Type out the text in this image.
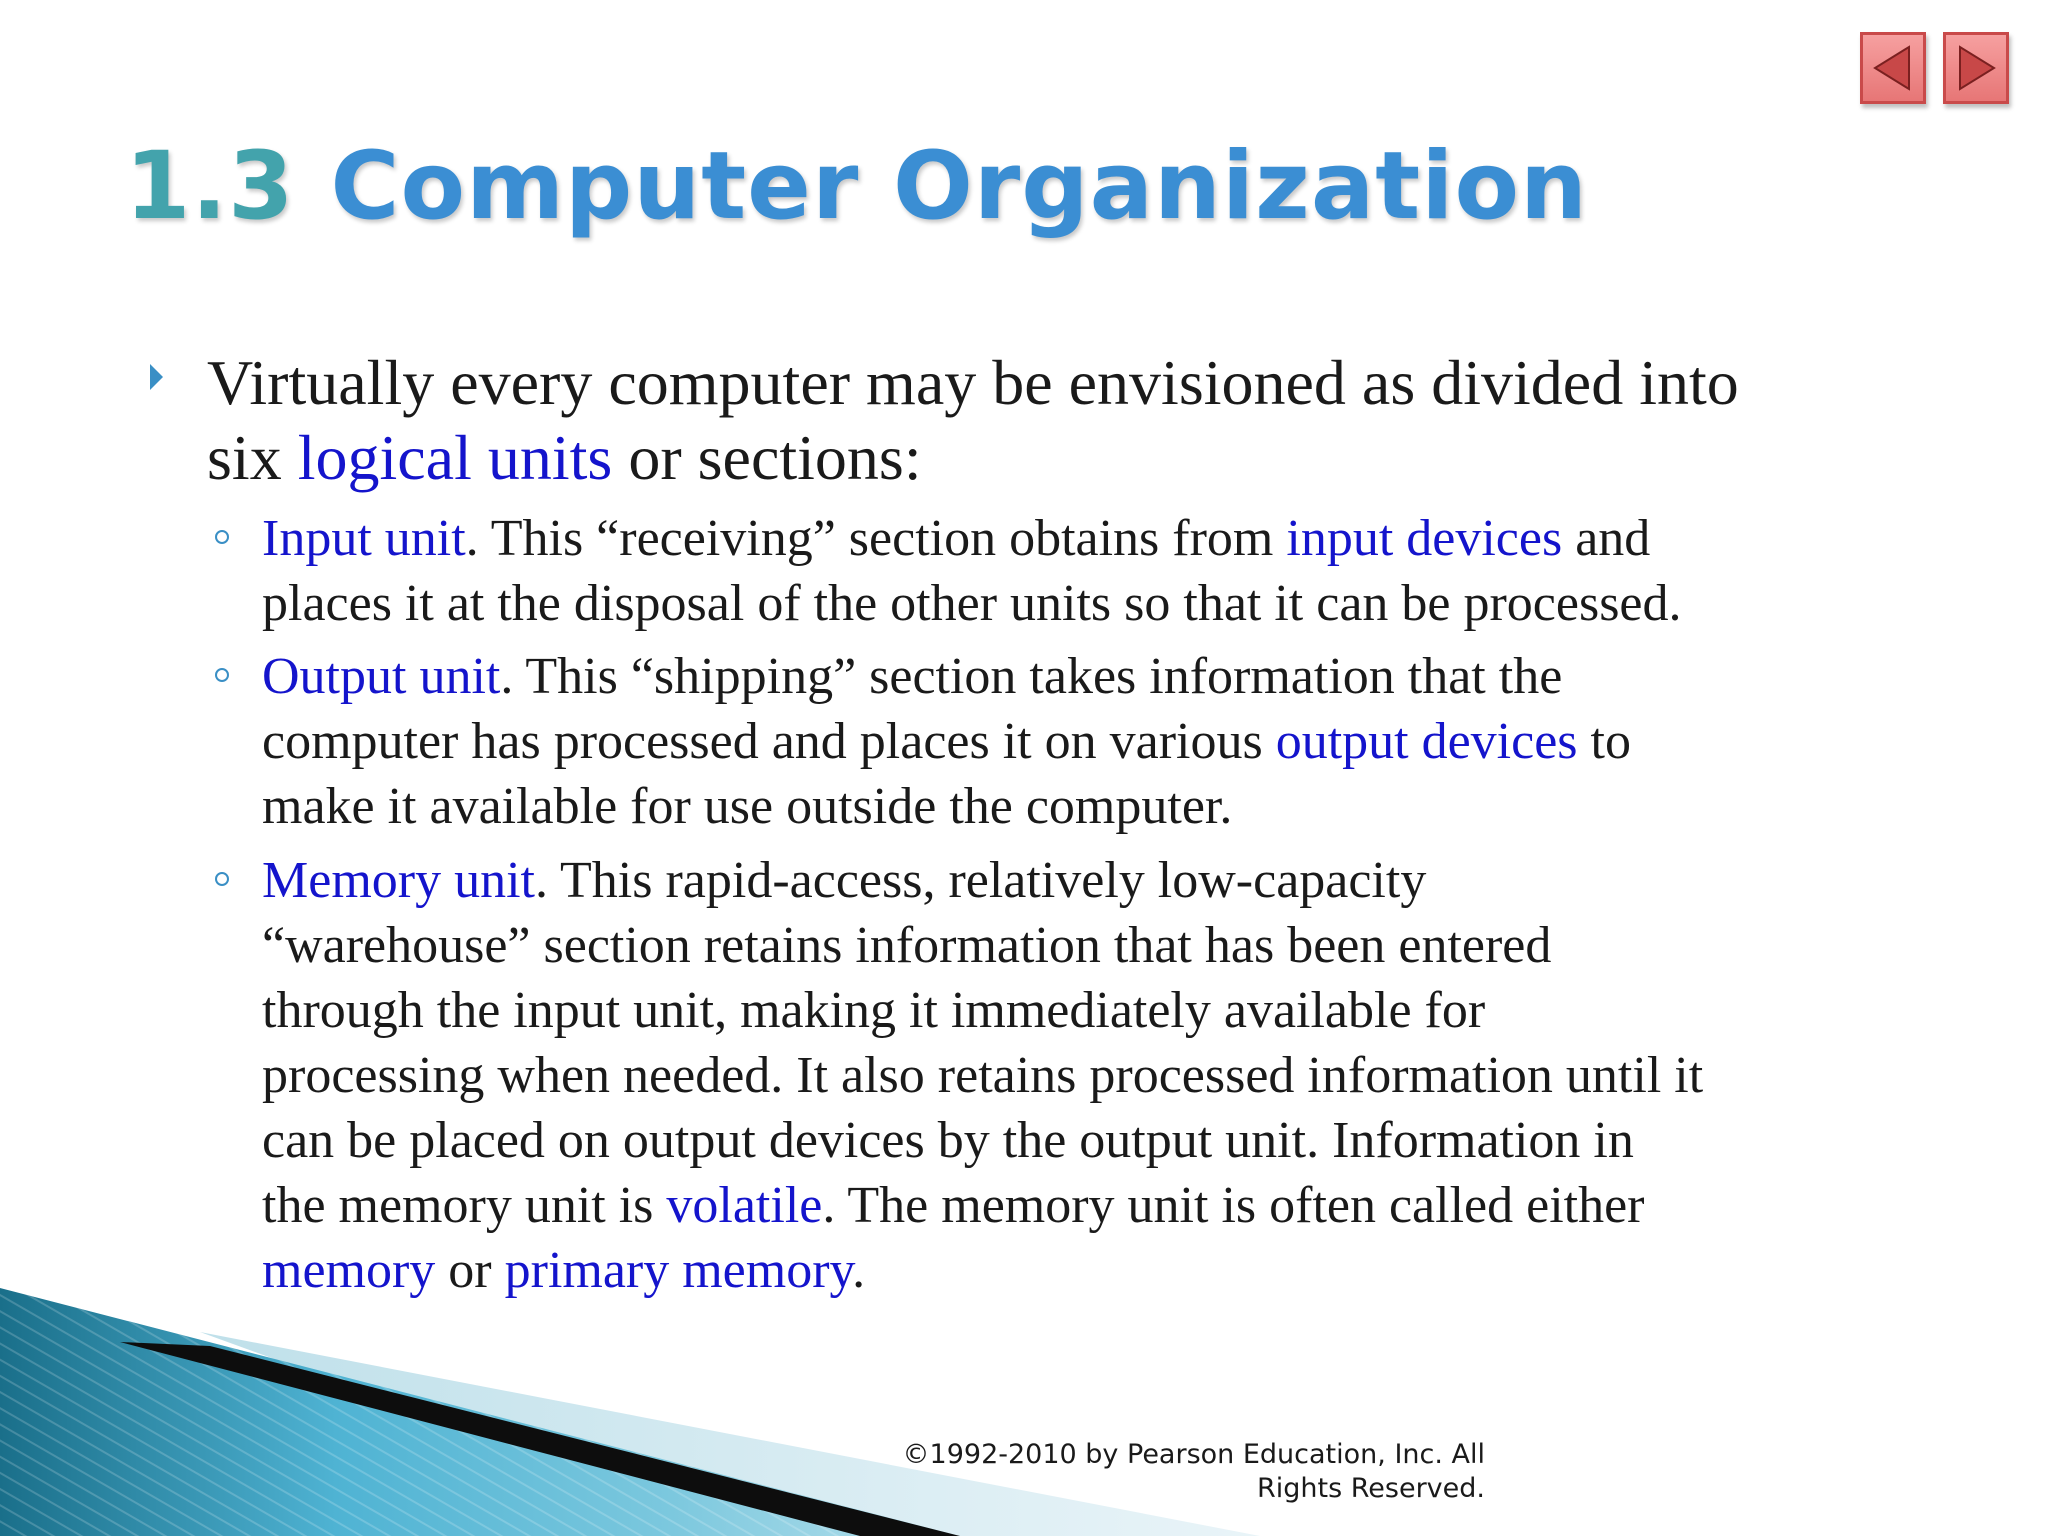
1.3 Computer Organization
Virtually every computer may be envisioned as divided into
six logical units or sections:
Input unit. This “receiving” section obtains from input devices and
places it at the disposal of the other units so that it can be processed.
Output unit. This “shipping” section takes information that the
computer has processed and places it on various output devices to
make it available for use outside the computer.
Memory unit. This rapid-access, relatively low-capacity
“warehouse” section retains information that has been entered
through the input unit, making it immediately available for
processing when needed. It also retains processed information until it
can be placed on output devices by the output unit. Information in
the memory unit is volatile. The memory unit is often called either
memory or primary memory.
©1992-2010 by Pearson Education, Inc. All
Rights Reserved.
